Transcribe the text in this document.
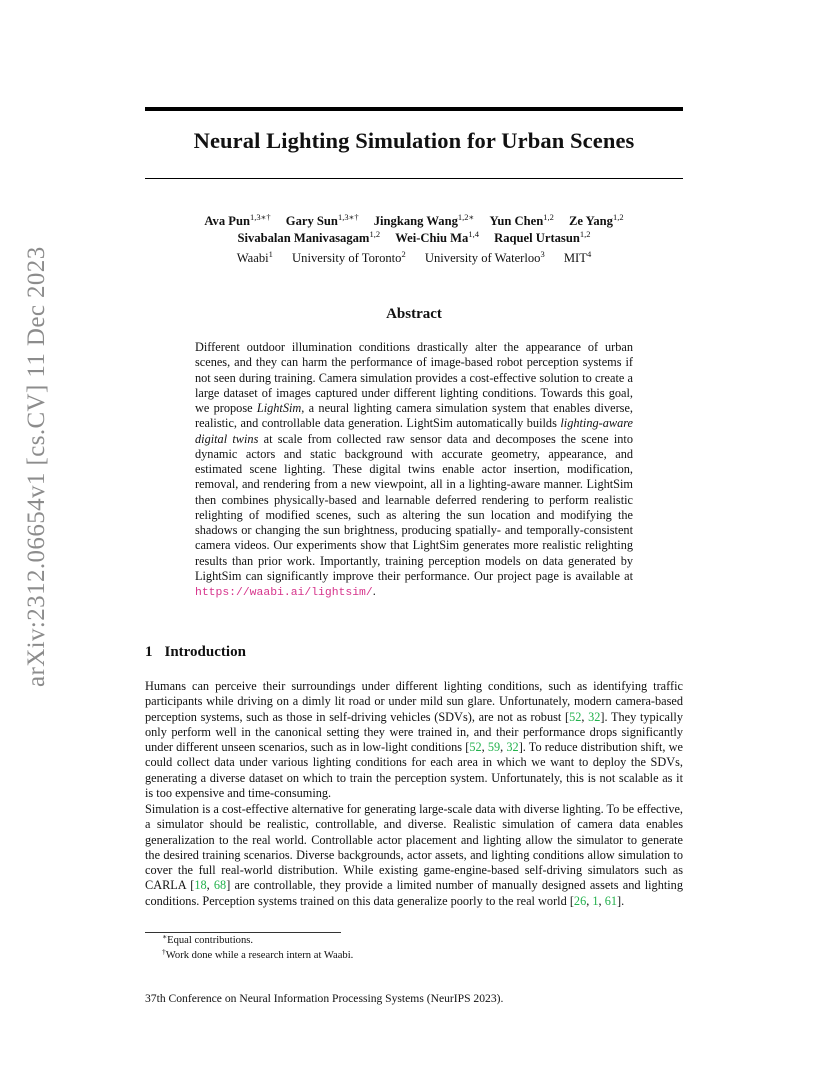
arXiv:2312.06654v1 [cs.CV] 11 Dec 2023
Neural Lighting Simulation for Urban Scenes
Ava Pun$^{1,3∗\dagger}$ Gary Sun$^{1,3∗\dagger}$ Jingkang Wang$^{1,2∗}$ Yun Chen$^{1,2}$ Ze Yang$^{1,2}$
Sivabalan Manivasagam$^{1,2}$ Wei-Chiu Ma$^{1,4}$ Raquel Urtasun$^{1,2}$
Waabi$^1$ University of Toronto$^2$ University of Waterloo$^3$ MIT$^4$
Abstract
Different outdoor illumination conditions drastically alter the appearance of urban scenes, and they can harm the performance of image-based robot perception systems if not seen during training. Camera simulation provides a cost-effective solution to create a large dataset of images captured under different lighting conditions. Towards this goal, we propose LightSim, a neural lighting camera simulation system that enables diverse, realistic, and controllable data generation. LightSim automatically builds lighting-aware digital twins at scale from collected raw sensor data and decomposes the scene into dynamic actors and static background with accurate geometry, appearance, and estimated scene lighting. These digital twins enable actor insertion, modification, removal, and rendering from a new viewpoint, all in a lighting-aware manner. LightSim then combines physically-based and learnable deferred rendering to perform realistic relighting of modified scenes, such as altering the sun location and modifying the shadows or changing the sun brightness, producing spatially- and temporally-consistent camera videos. Our experiments show that LightSim generates more realistic relighting results than prior work. Importantly, training perception models on data generated by LightSim can significantly improve their performance. Our project page is available at https://waabi.ai/lightsim/.
1 Introduction
Humans can perceive their surroundings under different lighting conditions, such as identifying traffic participants while driving on a dimly lit road or under mild sun glare. Unfortunately, modern camera-based perception systems, such as those in self-driving vehicles (SDVs), are not as robust [52, 32]. They typically only perform well in the canonical setting they were trained in, and their performance drops significantly under different unseen scenarios, such as in low-light conditions [52, 59, 32]. To reduce distribution shift, we could collect data under various lighting conditions for each area in which we want to deploy the SDVs, generating a diverse dataset on which to train the perception system. Unfortunately, this is not scalable as it is too expensive and time-consuming.
Simulation is a cost-effective alternative for generating large-scale data with diverse lighting. To be effective, a simulator should be realistic, controllable, and diverse. Realistic simulation of camera data enables generalization to the real world. Controllable actor placement and lighting allow the simulator to generate the desired training scenarios. Diverse backgrounds, actor assets, and lighting conditions allow simulation to cover the full real-world distribution. While existing game-engine-based self-driving simulators such as CARLA [18, 68] are controllable, they provide a limited number of manually designed assets and lighting conditions. Perception systems trained on this data generalize poorly to the real world [26, 1, 61].
∗Equal contributions.
†Work done while a research intern at Waabi.
37th Conference on Neural Information Processing Systems (NeurIPS 2023).
